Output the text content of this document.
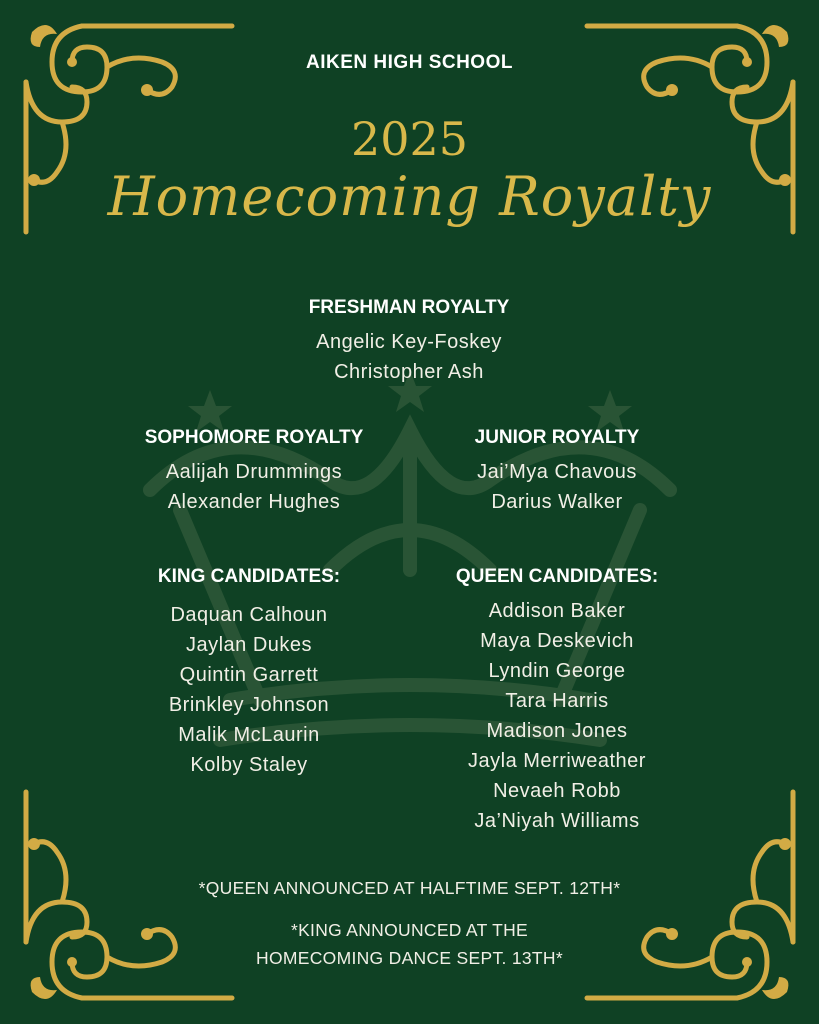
AIKEN HIGH SCHOOL
2025
Homecoming Royalty
FRESHMAN ROYALTY
Angelic Key-Foskey
Christopher Ash
SOPHOMORE ROYALTY
Aalijah Drummings
Alexander Hughes
JUNIOR ROYALTY
Jai’Mya Chavous
Darius Walker
KING CANDIDATES:
Daquan Calhoun
Jaylan Dukes
Quintin Garrett
Brinkley Johnson
Malik McLaurin
Kolby Staley
QUEEN CANDIDATES:
Addison Baker
Maya Deskevich
Lyndin George
Tara Harris
Madison Jones
Jayla Merriweather
Nevaeh Robb
Ja’Niyah Williams
*QUEEN ANNOUNCED AT HALFTIME SEPT. 12TH*
*KING ANNOUNCED AT THE
HOMECOMING DANCE SEPT. 13TH*
